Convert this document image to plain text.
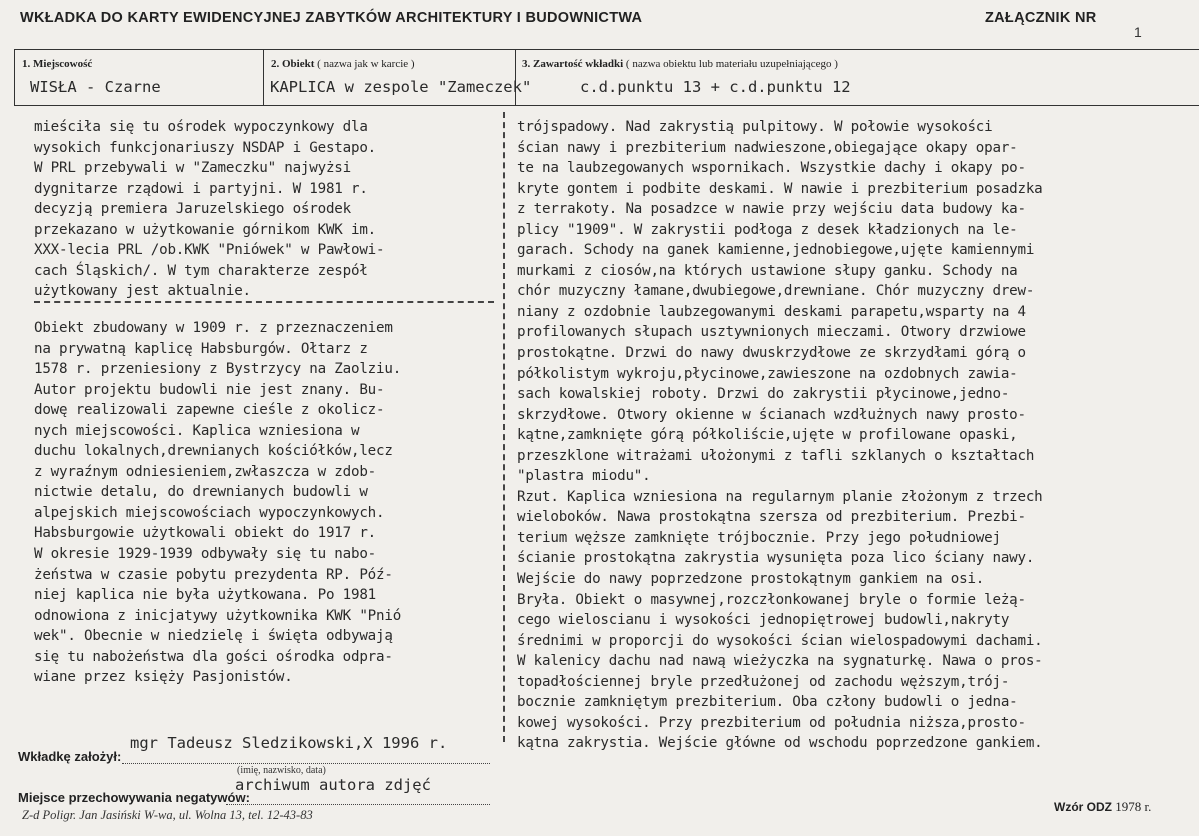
WKŁADKA DO KARTY EWIDENCYJNEJ ZABYTKÓW ARCHITEKTURY I BUDOWNICTWA	ZAŁĄCZNIK NR
1
1. Miejscowość
WISŁA - Czarne
2. Obiekt ( nazwa jak w karcie )
KAPLICA w zespole "Zameczek"
3. Zawartość wkładki ( nazwa obiektu lub materiału uzupełniającego )
c.d.punktu 13 + c.d.punktu 12
mieściła się tu ośrodek wypoczynkowy dla
wysokich funkcjonariuszy NSDAP i Gestapo.
W PRL przebywali w "Zameczku" najwyżsi
dygnitarze rządowi i partyjni. W 1981 r.
decyzją premiera Jaruzelskiego ośrodek
przekazano w użytkowanie górnikom KWK im.
XXX-lecia PRL /ob.KWK "Pniówek" w Pawłowi-
cach Śląskich/. W tym charakterze zespół
użytkowany jest aktualnie.
Obiekt zbudowany w 1909 r. z przeznaczeniem
na prywatną kaplicę Habsburgów. Ołtarz z
1578 r. przeniesiony z Bystrzycy na Zaolziu.
Autor projektu budowli nie jest znany. Bu-
dowę realizowali zapewne cieśle z okolicz-
nych miejscowości. Kaplica wzniesiona w
duchu lokalnych,drewnianych kościółków,lecz
z wyraźnym odniesieniem,zwłaszcza w zdob-
nictwie detalu, do drewnianych budowli w
alpejskich miejscowościach wypoczynkowych.
Habsburgowie użytkowali obiekt do 1917 r.
W okresie 1929-1939 odbywały się tu nabo-
żeństwa w czasie pobytu prezydenta RP. Póź-
niej kaplica nie była użytkowana. Po 1981
odnowiona z inicjatywy użytkownika KWK "Pnió
wek". Obecnie w niedzielę i święta odbywają
się tu nabożeństwa dla gości ośrodka odpra-
wiane przez księży Pasjonistów.
trójspadowy. Nad zakrystią pulpitowy. W połowie wysokości
ścian nawy i prezbiterium nadwieszone,obiegające okapy opar-
te na laubzegowanych wspornikach. Wszystkie dachy i okapy po-
kryte gontem i podbite deskami. W nawie i prezbiterium posadzka
z terrakoty. Na posadzce w nawie przy wejściu data budowy ka-
plicy "1909". W zakrystii podłoga z desek kładzionych na le-
garach. Schody na ganek kamienne,jednobiegowe,ujęte kamiennymi
murkami z ciosów,na których ustawione słupy ganku. Schody na
chór muzyczny łamane,dwubiegowe,drewniane. Chór muzyczny drew-
niany z ozdobnie laubzegowanymi deskami parapetu,wsparty na 4
profilowanych słupach usztywnionych mieczami. Otwory drzwiowe
prostokątne. Drzwi do nawy dwuskrzydłowe ze skrzydłami górą o
półkolistym wykroju,płycinowe,zawieszone na ozdobnych zawia-
sach kowalskiej roboty. Drzwi do zakrystii płycinowe,jedno-
skrzydłowe. Otwory okienne w ścianach wzdłużnych nawy prosto-
kątne,zamknięte górą półkoliście,ujęte w profilowane opaski,
przeszklone witrażami ułożonymi z tafli szklanych o kształtach
"plastra miodu".
Rzut. Kaplica wzniesiona na regularnym planie złożonym z trzech
wieloboków. Nawa prostokątna szersza od prezbiterium. Prezbi-
terium węższe zamknięte trójbocznie. Przy jego południowej
ścianie prostokątna zakrystia wysunięta poza lico ściany nawy.
Wejście do nawy poprzedzone prostokątnym gankiem na osi.
Bryła. Obiekt o masywnej,rozczłonkowanej bryle o formie leżą-
cego wieloscianu i wysokości jednopiętrowej budowli,nakryty
średnimi w proporcji do wysokości ścian wielospadowymi dachami.
W kalenicy dachu nad nawą wieżyczka na sygnaturkę. Nawa o pros-
topadłościennej bryle przedłużonej od zachodu węższym,trój-
bocznie zamkniętym prezbiterium. Oba człony budowli o jedna-
kowej wysokości. Przy prezbiterium od południa niższa,prosto-
kątna zakrystia. Wejście główne od wschodu poprzedzone gankiem.
mgr Tadeusz Sledzikowski,X 1996 r.
Wkładkę założył:
(imię, nazwisko, data)
archiwum autora zdjęć
Miejsce przechowywania negatywów:
Z-d Poligr. Jan Jasiński W-wa, ul. Wolna 13, tel. 12-43-83
Wzór ODZ 1978 r.
